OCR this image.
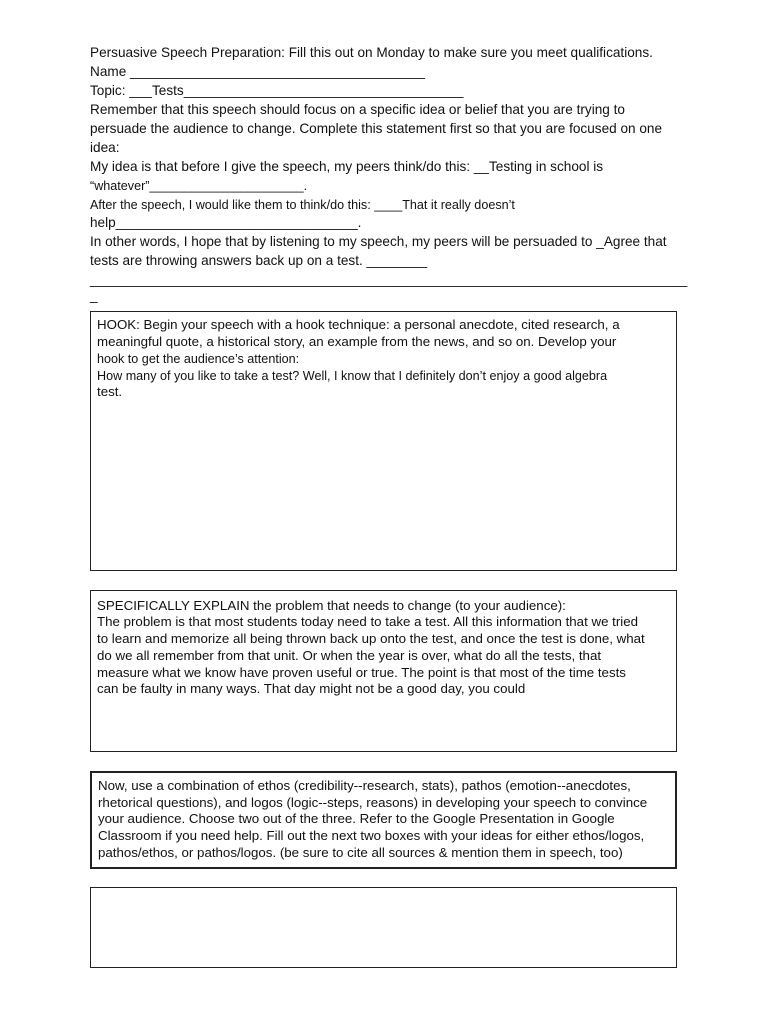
Persuasive Speech Preparation: Fill this out on Monday to make sure you meet qualifications.

Name _______________________________________

Topic: ___Tests_____________________________________

Remember that this speech should focus on a specific idea or belief that you are trying to

persuade the audience to change. Complete this statement first so that you are focused on one

idea:

My idea is that before I give the speech, my peers think/do this: __Testing in school is

“whatever”______________________.

After the speech, I would like them to think/do this: ____That it really doesn’t

help________________________________.

In other words, I hope that by listening to my speech, my peers will be persuaded to _Agree that

tests are throwing answers back up on a test. ________

_______________________________________________________________________________

_

HOOK: Begin your speech with a hook technique: a personal anecdote, cited research, a

meaningful quote, a historical story, an example from the news, and so on. Develop your

hook to get the audience’s attention:

How many of you like to take a test? Well, I know that I definitely don’t enjoy a good algebra

test.

SPECIFICALLY EXPLAIN the problem that needs to change (to your audience):

The problem is that most students today need to take a test. All this information that we tried

to learn and memorize all being thrown back up onto the test, and once the test is done, what

do we all remember from that unit. Or when the year is over, what do all the tests, that

measure what we know have proven useful or true. The point is that most of the time tests

can be faulty in many ways. That day might not be a good day, you could

Now, use a combination of ethos (credibility--research, stats), pathos (emotion--anecdotes,

rhetorical questions), and logos (logic--steps, reasons) in developing your speech to convince

your audience. Choose two out of the three. Refer to the Google Presentation in Google

Classroom if you need help. Fill out the next two boxes with your ideas for either ethos/logos,

pathos/ethos, or pathos/logos. (be sure to cite all sources & mention them in speech, too)
